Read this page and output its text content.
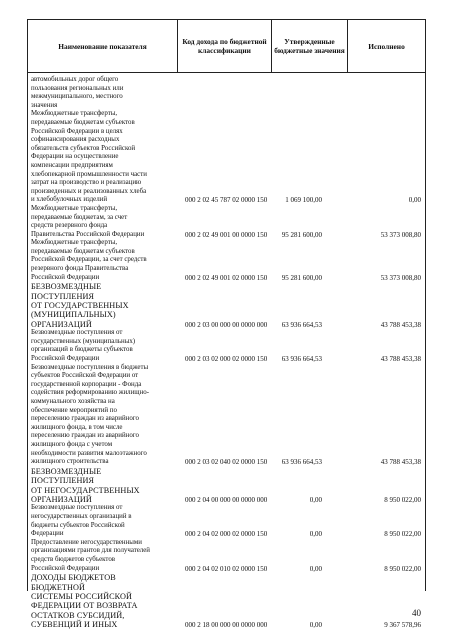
Наименование показателя	Код дохода по бюджетной классификации	Утвержденные бюджетные значения	Исполнено
автомобильных дорог общего
пользования региональных или
межмуниципального, местного
значения
Межбюджетные трансферты,
передаваемые бюджетам субъектов
Российской Федерации в целях
софинансирования расходных
обязательств субъектов Российской
Федерации на осуществление
компенсации предприятиям
хлебопекарной промышленности части
затрат на производство и реализацию
произведенных и реализованных хлеба
и хлебобулочных изделий	000 2 02 45 787 02 0000 150	1 069 100,00	0,00
Межбюджетные трансферты,
передаваемые бюджетам, за счет
средств резервного фонда
Правительства Российской Федерации	000 2 02 49 001 00 0000 150 95 281 600,00	53 373 008,80
Межбюджетные трансферты,
передаваемые бюджетам субъектов
Российской Федерации, за счет средств
резервного фонда Правительства
Российской Федерации	000 2 02 49 001 02 0000 150 95 281 600,00	53 373 008,80
БЕЗВОЗМЕЗДНЫЕ ПОСТУПЛЕНИЯ
ОТ ГОСУДАРСТВЕННЫХ
(МУНИЦИПАЛЬНЫХ)
ОРГАНИЗАЦИЙ	000 2 03 00 000 00 0000 000 63 936 664,53	43 788 453,38
Безвозмездные поступления от
государственных (муниципальных)
организаций в бюджеты субъектов
Российской Федерации	000 2 03 02 000 02 0000 150 63 936 664,53	43 788 453,38
Безвозмездные поступления в бюджеты
субъектов Российской Федерации от
государственной корпорации - Фонда
содействия реформированию жилищно-
коммунального хозяйства на
обеспечение мероприятий по
переселению граждан из аварийного
жилищного фонда, в том числе
переселению граждан из аварийного
жилищного фонда с учетом
необходимости развития малоэтажного
жилищного строительства	000 2 03 02 040 02 0000 150 63 936 664,53	43 788 453,38
БЕЗВОЗМЕЗДНЫЕ ПОСТУПЛЕНИЯ
ОТ НЕГОСУДАРСТВЕННЫХ
ОРГАНИЗАЦИЙ	000 2 04 00 000 00 0000 000	0,00	8 950 022,00
Безвозмездные поступления от
негосударственных организаций в
бюджеты субъектов Российской
Федерации	000 2 04 02 000 02 0000 150	0,00	8 950 022,00
Предоставление негосударственными
организациями грантов для получателей
средств бюджетов субъектов
Российской Федерации	000 2 04 02 010 02 0000 150	0,00	8 950 022,00
ДОХОДЫ БЮДЖЕТОВ БЮДЖЕТНОЙ
СИСТЕМЫ РОССИЙСКОЙ
ФЕДЕРАЦИИ ОТ ВОЗВРАТА
ОСТАТКОВ СУБСИДИЙ,
СУБВЕНЦИЙ И ИНЫХ	000 2 18 00 000 00 0000 000	0,00	9 367 578,96
40
